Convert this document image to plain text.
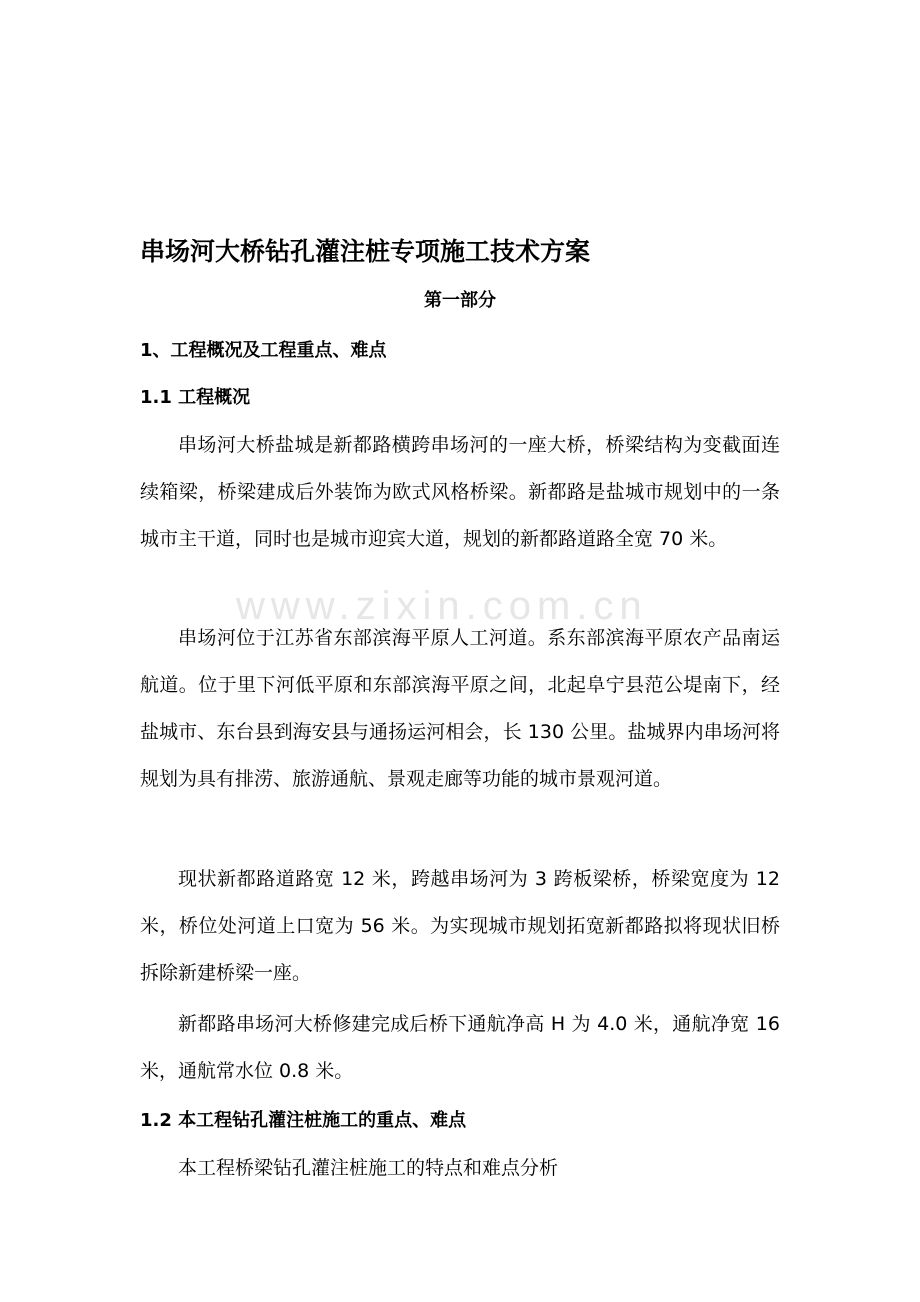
www.zixin.com.cn
串场河大桥钻孔灌注桩专项施工技术方案
第一部分
1、工程概况及工程重点、难点
1.1 工程概况

串场河大桥盐城是新都路横跨串场河的一座大桥，桥梁结构为变截面连续箱梁，桥梁建成后外装饰为欧式风格桥梁。新都路是盐城市规划中的一条城市主干道，同时也是城市迎宾大道，规划的新都路道路全宽 70 米。

串场河位于江苏省东部滨海平原人工河道。系东部滨海平原农产品南运航道。位于里下河低平原和东部滨海平原之间，北起阜宁县范公堤南下，经盐城市、东台县到海安县与通扬运河相会，长 130 公里。盐城界内串场河将规划为具有排涝、旅游通航、景观走廊等功能的城市景观河道。

现状新都路道路宽 12 米，跨越串场河为 3 跨板梁桥，桥梁宽度为 12 米，桥位处河道上口宽为 56 米。为实现城市规划拓宽新都路拟将现状旧桥拆除新建桥梁一座。

新都路串场河大桥修建完成后桥下通航净高 H 为 4.0 米，通航净宽 16 米，通航常水位 0.8 米。

1.2 本工程钻孔灌注桩施工的重点、难点

本工程桥梁钻孔灌注桩施工的特点和难点分析
